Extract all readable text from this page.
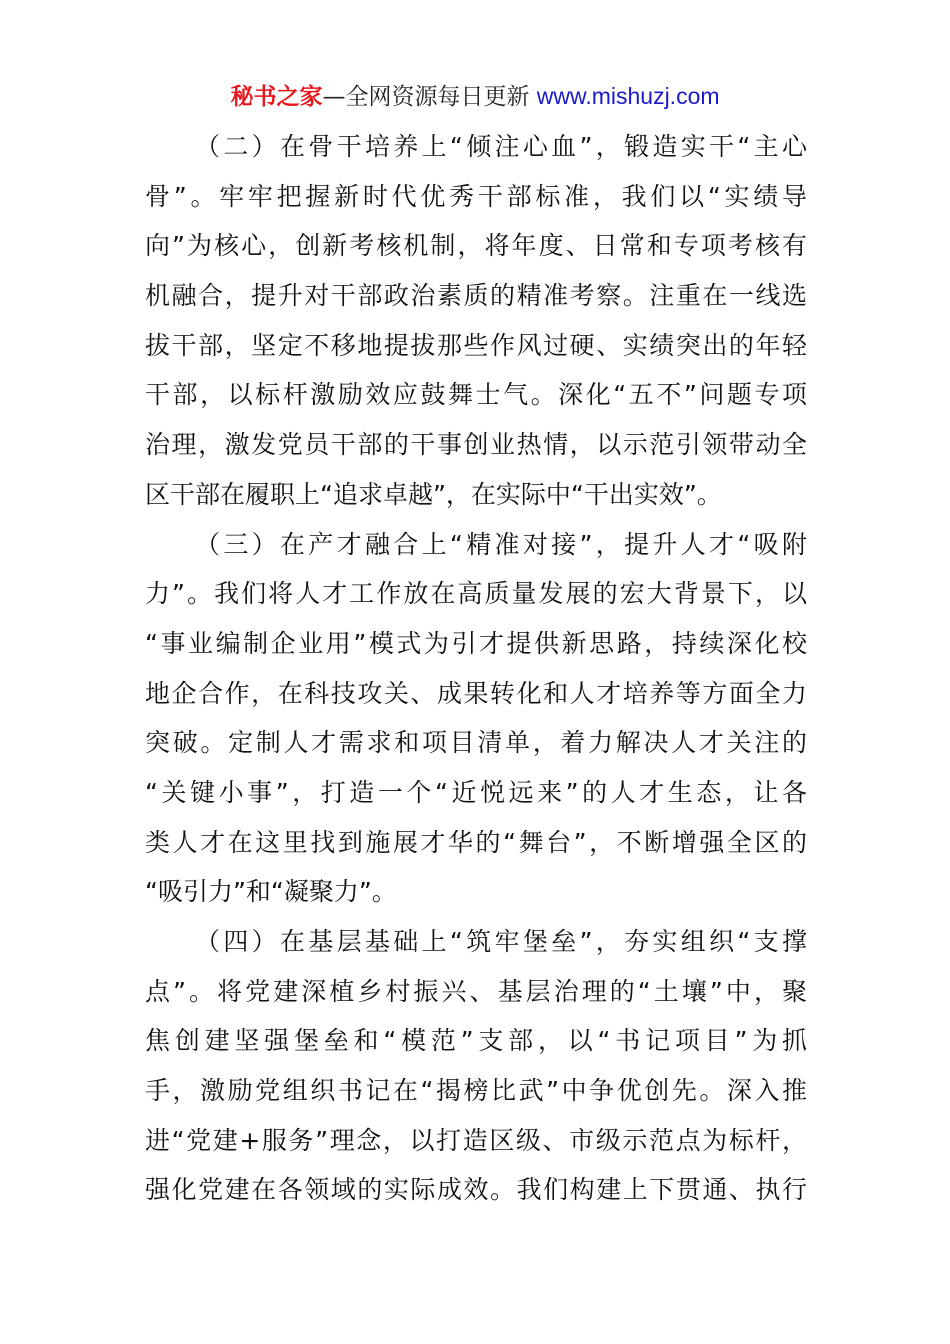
秘书之家—全网资源每日更新 www.mishuzj.com
（二）在骨干培养上“倾注心血”，锻造实干“主心
骨”。牢牢把握新时代优秀干部标准，我们以“实绩导
向”为核心，创新考核机制，将年度、日常和专项考核有
机融合，提升对干部政治素质的精准考察。注重在一线选
拔干部，坚定不移地提拔那些作风过硬、实绩突出的年轻
干部，以标杆激励效应鼓舞士气。深化“五不”问题专项
治理，激发党员干部的干事创业热情，以示范引领带动全
区干部在履职上“追求卓越”，在实际中“干出实效”。
（三）在产才融合上“精准对接”，提升人才“吸附
力”。我们将人才工作放在高质量发展的宏大背景下，以
“事业编制企业用”模式为引才提供新思路，持续深化校
地企合作，在科技攻关、成果转化和人才培养等方面全力
突破。定制人才需求和项目清单，着力解决人才关注的
“关键小事”，打造一个“近悦远来”的人才生态，让各
类人才在这里找到施展才华的“舞台”，不断增强全区的
“吸引力”和“凝聚力”。
（四）在基层基础上“筑牢堡垒”，夯实组织“支撑
点”。将党建深植乡村振兴、基层治理的“土壤”中，聚
焦创建坚强堡垒和“模范”支部，以“书记项目”为抓
手，激励党组织书记在“揭榜比武”中争优创先。深入推
进“党建+服务”理念，以打造区级、市级示范点为标杆，
强化党建在各领域的实际成效。我们构建上下贯通、执行
